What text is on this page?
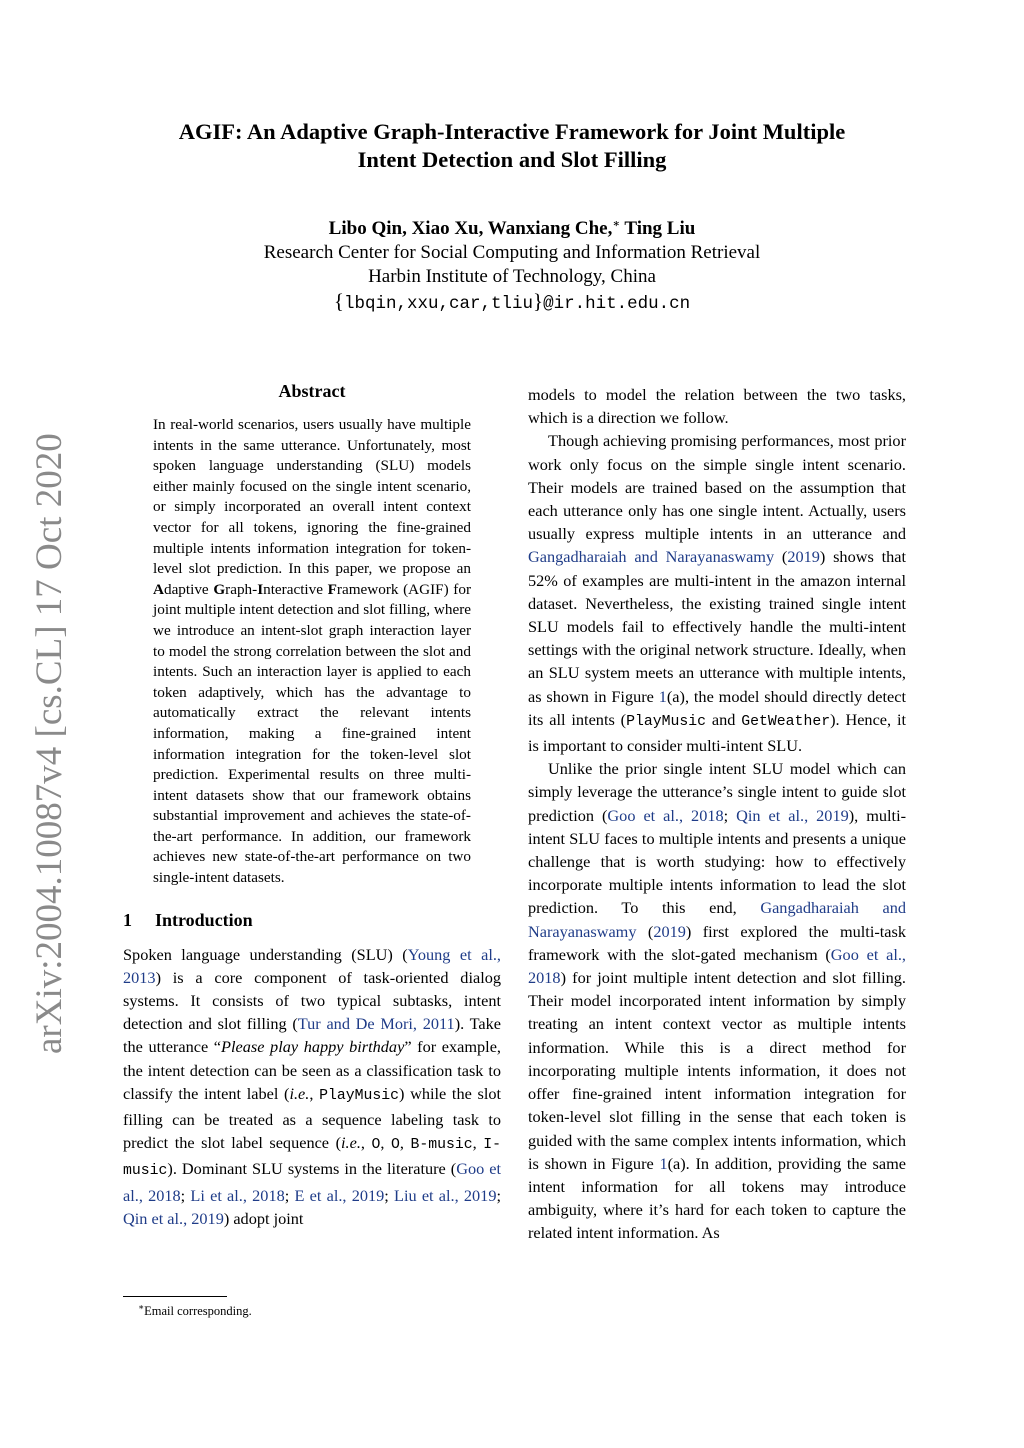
arXiv:2004.10087v4 [cs.CL] 17 Oct 2020
AGIF: An Adaptive Graph-Interactive Framework for Joint Multiple
Intent Detection and Slot Filling
Libo Qin, Xiao Xu, Wanxiang Che,∗ Ting Liu
Research Center for Social Computing and Information Retrieval
Harbin Institute of Technology, China
{lbqin,xxu,car,tliu}@ir.hit.edu.cn
Abstract
In real-world scenarios, users usually have multiple intents in the same utterance. Unfortunately, most spoken language understanding (SLU) models either mainly focused on the single intent scenario, or simply incorporated an overall intent context vector for all tokens, ignoring the fine-grained multiple intents information integration for token-level slot prediction. In this paper, we propose an Adaptive Graph-Interactive Framework (AGIF) for joint multiple intent detection and slot filling, where we introduce an intent-slot graph interaction layer to model the strong correlation between the slot and intents. Such an interaction layer is applied to each token adaptively, which has the advantage to automatically extract the relevant intents information, making a fine-grained intent information integration for the token-level slot prediction. Experimental results on three multi-intent datasets show that our framework obtains substantial improvement and achieves the state-of-the-art performance. In addition, our framework achieves new state-of-the-art performance on two single-intent datasets.
1 Introduction

Spoken language understanding (SLU) (Young et al., 2013) is a core component of task-oriented dialog systems. It consists of two typical subtasks, intent detection and slot filling (Tur and De Mori, 2011). Take the utterance “Please play happy birthday” for example, the intent detection can be seen as a classification task to classify the intent label (i.e., PlayMusic) while the slot filling can be treated as a sequence labeling task to predict the slot label sequence (i.e., O, O, B-music, I-music). Dominant SLU systems in the literature (Goo et al., 2018; Li et al., 2018; E et al., 2019; Liu et al., 2019; Qin et al., 2019) adopt joint

∗Email corresponding.

models to model the relation between the two tasks, which is a direction we follow.

Though achieving promising performances, most prior work only focus on the simple single intent scenario. Their models are trained based on the assumption that each utterance only has one single intent. Actually, users usually express multiple intents in an utterance and Gangadharaiah and Narayanaswamy (2019) shows that 52% of examples are multi-intent in the amazon internal dataset. Nevertheless, the existing trained single intent SLU models fail to effectively handle the multi-intent settings with the original network structure. Ideally, when an SLU system meets an utterance with multiple intents, as shown in Figure 1(a), the model should directly detect its all intents (PlayMusic and GetWeather). Hence, it is important to consider multi-intent SLU.

Unlike the prior single intent SLU model which can simply leverage the utterance’s single intent to guide slot prediction (Goo et al., 2018; Qin et al., 2019), multi-intent SLU faces to multiple intents and presents a unique challenge that is worth studying: how to effectively incorporate multiple intents information to lead the slot prediction. To this end, Gangadharaiah and Narayanaswamy (2019) first explored the multi-task framework with the slot-gated mechanism (Goo et al., 2018) for joint multiple intent detection and slot filling. Their model incorporated intent information by simply treating an intent context vector as multiple intents information. While this is a direct method for incorporating multiple intents information, it does not offer fine-grained intent information integration for token-level slot filling in the sense that each token is guided with the same complex intents information, which is shown in Figure 1(a). In addition, providing the same intent information for all tokens may introduce ambiguity, where it’s hard for each token to capture the related intent information. As
